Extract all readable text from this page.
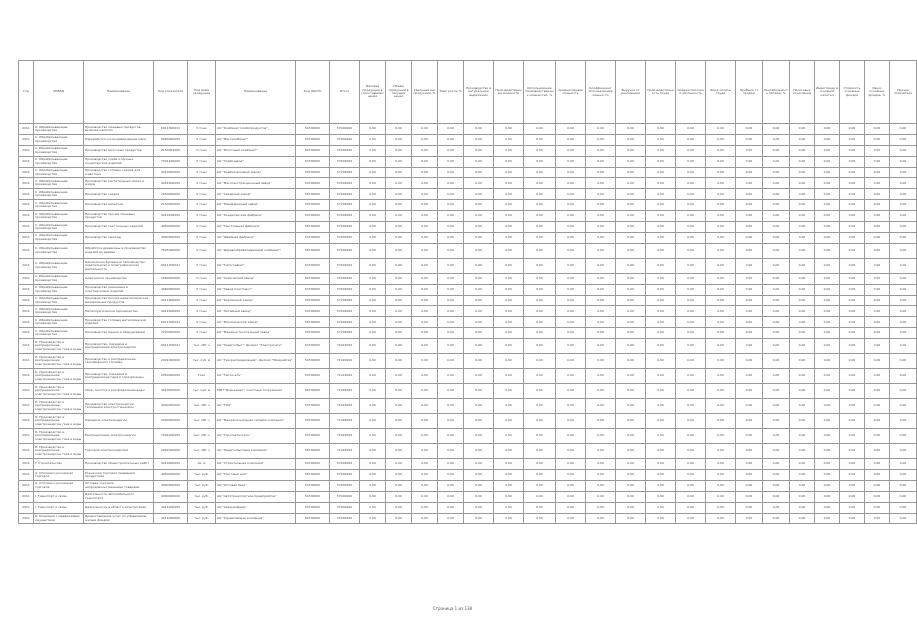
Год	ОКВЭД	Наименование	Код показателя	Код вида продукции	Наименование	Код ОКАТО	Итого	Валовая продукция в сопоставимых ценах	Объём продукции в текущих ценах	Удельный вес продукции, %	Темп роста, %	Производство в натуральном выражении	Производственные мощности	Использование производственных мощностей, %	Среднегодовая мощность	Коэффициент использования мощности	Выручка от реализации	Производительность труда	Среднесписочная численность	Фонд оплаты труда	Прибыль от продаж	Рентабельность продаж, %	Налоговые отчисления	Инвестиции в основной капитал	Стоимость основных фондов	Износ основных фондов, %	Прочие показатели
2011	С. Обрабатывающие производства	Производство пищевых продуктов, включая напитки	6011300021	У тонн	АО "Комбинат хлебопродуктов"	54700000	57002000	0,00	0,00	0,00	0,00	0,00	0,00	0,00	0,00	0,00	0,00	0,00	0,00	0,00	0,00	0,00	0,00	0,00	0,00	0,00	0,00
2011	С. Обрабатывающие производства	Переработка и консервирование мяса	6080000000	У тонн	АО "Мясокомбинат"	54700000	57002000	0,00	0,00	0,00	0,00	0,00	0,00	0,00	0,00	0,00	0,00	0,00	0,00	0,00	0,00	0,00	0,00	0,00	0,00	0,00	0,00
2011	С. Обрабатывающие производства	Производство молочных продуктов	2150001000	У тонн	АО "Молочный комбинат"	54700000	57002000	0,00	0,00	0,00	0,00	0,00	0,00	0,00	0,00	0,00	0,00	0,00	0,00	0,00	0,00	0,00	0,00	0,00	0,00	0,00	0,00
2011	С. Обрабатывающие производства	Производство хлеба и мучных кондитерских изделий	7001100000	У тонн	АО "Хлебозавод"	54700000	57002000	0,00	0,00	0,00	0,00	0,00	0,00	0,00	0,00	0,00	0,00	0,00	0,00	0,00	0,00	0,00	0,00	0,00	0,00	0,00	0,00
2011	С. Обрабатывающие производства	Производство готовых кормов для животных	4010000000	У тонн	АО "Комбикормовый завод"	54700000	57002000	0,00	0,00	0,00	0,00	0,00	0,00	0,00	0,00	0,00	0,00	0,00	0,00	0,00	0,00	0,00	0,00	0,00	0,00	0,00	0,00
2011	С. Обрабатывающие производства	Производство растительных масел и жиров	4051000000	У тонн	АО "Маслоэкстракционный завод"	54700000	57002000	0,00	0,00	0,00	0,00	0,00	0,00	0,00	0,00	0,00	0,00	0,00	0,00	0,00	0,00	0,00	0,00	0,00	0,00	0,00	0,00
2011	С. Обрабатывающие производства	Производство сахара	2050000000	У тонн	АО "Сахарный завод"	54700000	57002000	0,00	0,00	0,00	0,00	0,00	0,00	0,00	0,00	0,00	0,00	0,00	0,00	0,00	0,00	0,00	0,00	0,00	0,00	0,00	0,00
2011	С. Обрабатывающие производства	Производство напитков	2150000000	У тонн	АО "Пивоваренный завод"	54700000	57002000	0,00	0,00	0,00	0,00	0,00	0,00	0,00	0,00	0,00	0,00	0,00	0,00	0,00	0,00	0,00	0,00	0,00	0,00	0,00	0,00
2011	С. Обрабатывающие производства	Производство прочих пищевых продуктов	4010100000	У тонн	АО "Кондитерская фабрика"	54700000	57002000	0,00	0,00	0,00	0,00	0,00	0,00	0,00	0,00	0,00	0,00	0,00	0,00	0,00	0,00	0,00	0,00	0,00	0,00	0,00	0,00
2011	С. Обрабатывающие производства	Производство текстильных изделий	4050000000	У тонн	АО "Текстильная фабрика"	54700000	57002000	0,00	0,00	0,00	0,00	0,00	0,00	0,00	0,00	0,00	0,00	0,00	0,00	0,00	0,00	0,00	0,00	0,00	0,00	0,00	0,00
2011	С. Обрабатывающие производства	Производство одежды	4000000000	У тонн	АО "Швейная фабрика"	54700000	57002000	0,00	0,00	0,00	0,00	0,00	0,00	0,00	0,00	0,00	0,00	0,00	0,00	0,00	0,00	0,00	0,00	0,00	0,00	0,00	0,00
2011	С. Обрабатывающие производства	Обработка древесины и производство изделий из дерева	7005000000	У тонн	АО "Деревообрабатывающий комбинат"	54700000	57002000	0,00	0,00	0,00	0,00	0,00	0,00	0,00	0,00	0,00	0,00	0,00	0,00	0,00	0,00	0,00	0,00	0,00	0,00	0,00	0,00
2011	С. Обрабатывающие производства	Целлюлозно-бумажное производство; издательская и полиграфическая деятельность	6011300021	У тонн	АО "Типография"	54700000	57002000	0,00	0,00	0,00	0,00	0,00	0,00	0,00	0,00	0,00	0,00	0,00	0,00	0,00	0,00	0,00	0,00	0,00	0,00	0,00	0,00
2011	С. Обрабатывающие производства	Химическое производство	2060000000	У тонн	АО "Химический завод"	54700000	57002000	0,00	0,00	0,00	0,00	0,00	0,00	0,00	0,00	0,00	0,00	0,00	0,00	0,00	0,00	0,00	0,00	0,00	0,00	0,00	0,00
2011	С. Обрабатывающие производства	Производство резиновых и пластмассовых изделий	4060000000	У тонн	АО "Завод пластмасс"	54700000	57002000	0,00	0,00	0,00	0,00	0,00	0,00	0,00	0,00	0,00	0,00	0,00	0,00	0,00	0,00	0,00	0,00	0,00	0,00	0,00	0,00
2011	С. Обрабатывающие производства	Производство прочих неметаллических минеральных продуктов	4011000000	У тонн	АО "Кирпичный завод"	54700000	57002000	0,00	0,00	0,00	0,00	0,00	0,00	0,00	0,00	0,00	0,00	0,00	0,00	0,00	0,00	0,00	0,00	0,00	0,00	0,00	0,00
2011	С. Обрабатывающие производства	Металлургическое производство	4012000000	У тонн	АО "Литейный завод"	54700000	57002000	0,00	0,00	0,00	0,00	0,00	0,00	0,00	0,00	0,00	0,00	0,00	0,00	0,00	0,00	0,00	0,00	0,00	0,00	0,00	0,00
2011	С. Обрабатывающие производства	Производство готовых металлических изделий	6011300021	У тонн	АО "Механический завод"	54700000	57002000	0,00	0,00	0,00	0,00	0,00	0,00	0,00	0,00	0,00	0,00	0,00	0,00	0,00	0,00	0,00	0,00	0,00	0,00	0,00	0,00
2011	С. Обрабатывающие производства	Производство машин и оборудования	2200000000	У тонн	АО "Машиностроительный завод"	54700000	57002000	0,00	0,00	0,00	0,00	0,00	0,00	0,00	0,00	0,00	0,00	0,00	0,00	0,00	0,00	0,00	0,00	0,00	0,00	0,00	0,00
2011	D. Производство и распределение электроэнергии, газа и воды	Производство, передача и распределение электроэнергии	6011300021	тыс. кВт·ч	АО "Энергосбыт"; филиал "Электросети"	54700000	71022000	0,00	0,00	0,00	0,00	0,00	0,00	0,00	0,00	0,00	0,00	0,00	0,00	0,00	0,00	0,00	0,00	0,00	0,00	0,00	0,00
2011	D. Производство и распределение электроэнергии, газа и воды	Производство и распределение газообразного топлива	2001000000	тыс. куб. м	АО "Газораспределение"; филиал "Межрайгаз"	54700000	71022000	0,00	0,00	0,00	0,00	0,00	0,00	0,00	0,00	0,00	0,00	0,00	0,00	0,00	0,00	0,00	0,00	0,00	0,00	0,00	0,00
2011	D. Производство и распределение электроэнергии, газа и воды	Производство, передача и распределение пара и горячей воды	2050000000	Гкал	АО "Теплосеть"	54700000	71022000	0,00	0,00	0,00	0,00	0,00	0,00	0,00	0,00	0,00	0,00	0,00	0,00	0,00	0,00	0,00	0,00	0,00	0,00	0,00	0,00
2011	D. Производство и распределение электроэнергии, газа и воды	Сбор, очистка и распределение воды	4010000000	тыс. куб. м	МУП "Водоканал"; очистные сооружения	54700000	71022000	0,00	0,00	0,00	0,00	0,00	0,00	0,00	0,00	0,00	0,00	0,00	0,00	0,00	0,00	0,00	0,00	0,00	0,00	0,00	0,00
2011	D. Производство и распределение электроэнергии, газа и воды	Производство электроэнергии тепловыми электростанциями	4000000000	тыс. кВт·ч	АО "ТЭЦ"	54700000	71022000	0,00	0,00	0,00	0,00	0,00	0,00	0,00	0,00	0,00	0,00	0,00	0,00	0,00	0,00	0,00	0,00	0,00	0,00	0,00	0,00
2011	D. Производство и распределение электроэнергии, газа и воды	Передача электроэнергии	2000000000	тыс. кВт·ч	АО "Межрегиональная сетевая компания"	54700000	71022000	0,00	0,00	0,00	0,00	0,00	0,00	0,00	0,00	0,00	0,00	0,00	0,00	0,00	0,00	0,00	0,00	0,00	0,00	0,00	0,00
2011	D. Производство и распределение электроэнергии, газа и воды	Распределение электроэнергии	7001000000	тыс. кВт·ч	АО "Горэлектросеть"	54700000	71022000	0,00	0,00	0,00	0,00	0,00	0,00	0,00	0,00	0,00	0,00	0,00	0,00	0,00	0,00	0,00	0,00	0,00	0,00	0,00	0,00
2011	D. Производство и распределение электроэнергии, газа и воды	Торговля электроэнергией	2002000000	тыс. кВт·ч	АО "Энергосбытовая компания"	54700000	71022000	0,00	0,00	0,00	0,00	0,00	0,00	0,00	0,00	0,00	0,00	0,00	0,00	0,00	0,00	0,00	0,00	0,00	0,00	0,00	0,00
2011	F. Строительство	Производство общестроительных работ	4010000000	кв. м	АО "Строительная компания"	54700000	57002000	0,00	0,00	0,00	0,00	0,00	0,00	0,00	0,00	0,00	0,00	0,00	0,00	0,00	0,00	0,00	0,00	0,00	0,00	0,00	0,00
2011	G. Оптовая и розничная торговля	Розничная торговля пищевыми продуктами	4050000000	тыс. руб.	АО "Торговый дом"	54700000	57002000	0,00	0,00	0,00	0,00	0,00	0,00	0,00	0,00	0,00	0,00	0,00	0,00	0,00	0,00	0,00	0,00	0,00	0,00	0,00	0,00
2011	G. Оптовая и розничная торговля	Оптовая торговля непродовольственными товарами	4000000000	тыс. руб.	АО "Оптовая база"	54700000	57002000	0,00	0,00	0,00	0,00	0,00	0,00	0,00	0,00	0,00	0,00	0,00	0,00	0,00	0,00	0,00	0,00	0,00	0,00	0,00	0,00
2011	I. Транспорт и связь	Деятельность автомобильного транспорта	4060000000	тыс. руб.	АО "Автотранспортное предприятие"	54700000	57002000	0,00	0,00	0,00	0,00	0,00	0,00	0,00	0,00	0,00	0,00	0,00	0,00	0,00	0,00	0,00	0,00	0,00	0,00	0,00	0,00
2011	I. Транспорт и связь	Деятельность в области электросвязи	4011000000	тыс. руб.	АО "Связьинформ"	54700000	57002000	0,00	0,00	0,00	0,00	0,00	0,00	0,00	0,00	0,00	0,00	0,00	0,00	0,00	0,00	0,00	0,00	0,00	0,00	0,00	0,00
2011	К. Операции с недвижимым имуществом	Предоставление услуг по управлению жилым фондом	4012000000	тыс. руб.	АО "Управляющая компания"	54700000	57002000	0,00	0,00	0,00	0,00	0,00	0,00	0,00	0,00	0,00	0,00	0,00	0,00	0,00	0,00	0,00	0,00	0,00	0,00	0,00	0,00
Страница 1 из 138
